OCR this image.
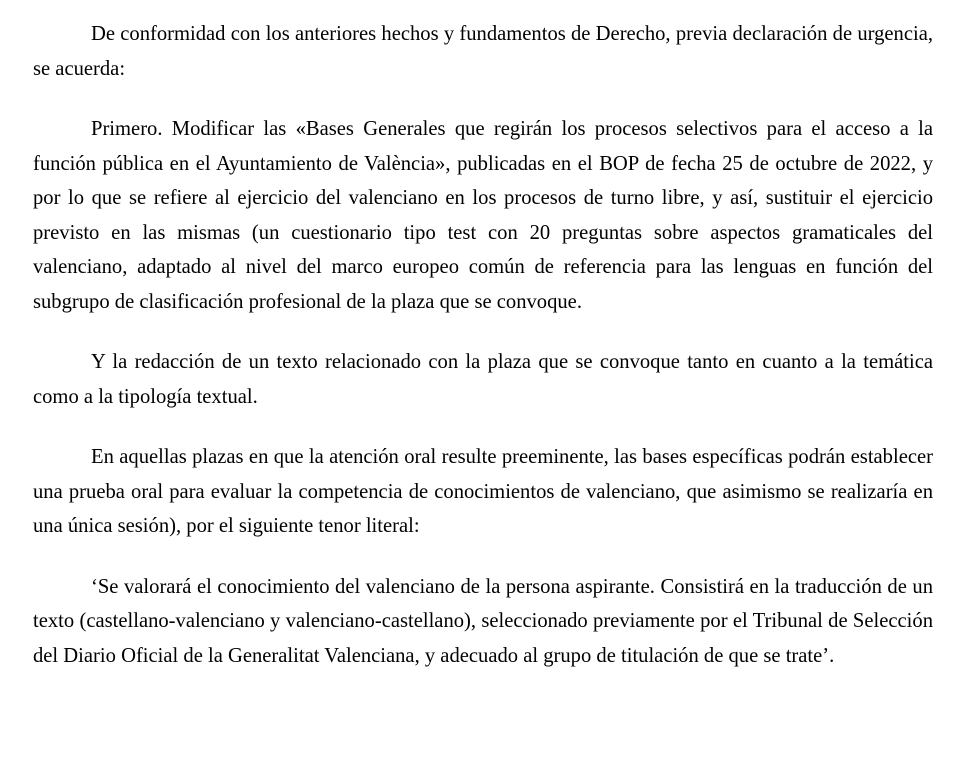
De conformidad con los anteriores hechos y fundamentos de Derecho, previa declaración de urgencia, se acuerda:

Primero. Modificar las «Bases Generales que regirán los procesos selectivos para el acceso a la función pública en el Ayuntamiento de València», publicadas en el BOP de fecha 25 de octubre de 2022, y por lo que se refiere al ejercicio del valenciano en los procesos de turno libre, y así, sustituir el ejercicio previsto en las mismas (un cuestionario tipo test con 20 preguntas sobre aspectos gramaticales del valenciano, adaptado al nivel del marco europeo común de referencia para las lenguas en función del subgrupo de clasificación profesional de la plaza que se convoque.

Y la redacción de un texto relacionado con la plaza que se convoque tanto en cuanto a la temática como a la tipología textual.

En aquellas plazas en que la atención oral resulte preeminente, las bases específicas podrán establecer una prueba oral para evaluar la competencia de conocimientos de valenciano, que asimismo se realizaría en una única sesión), por el siguiente tenor literal:

‘Se valorará el conocimiento del valenciano de la persona aspirante. Consistirá en la traducción de un texto (castellano-valenciano y valenciano-castellano), seleccionado previamente por el Tribunal de Selección del Diario Oficial de la Generalitat Valenciana, y adecuado al grupo de titulación de que se trate’.
